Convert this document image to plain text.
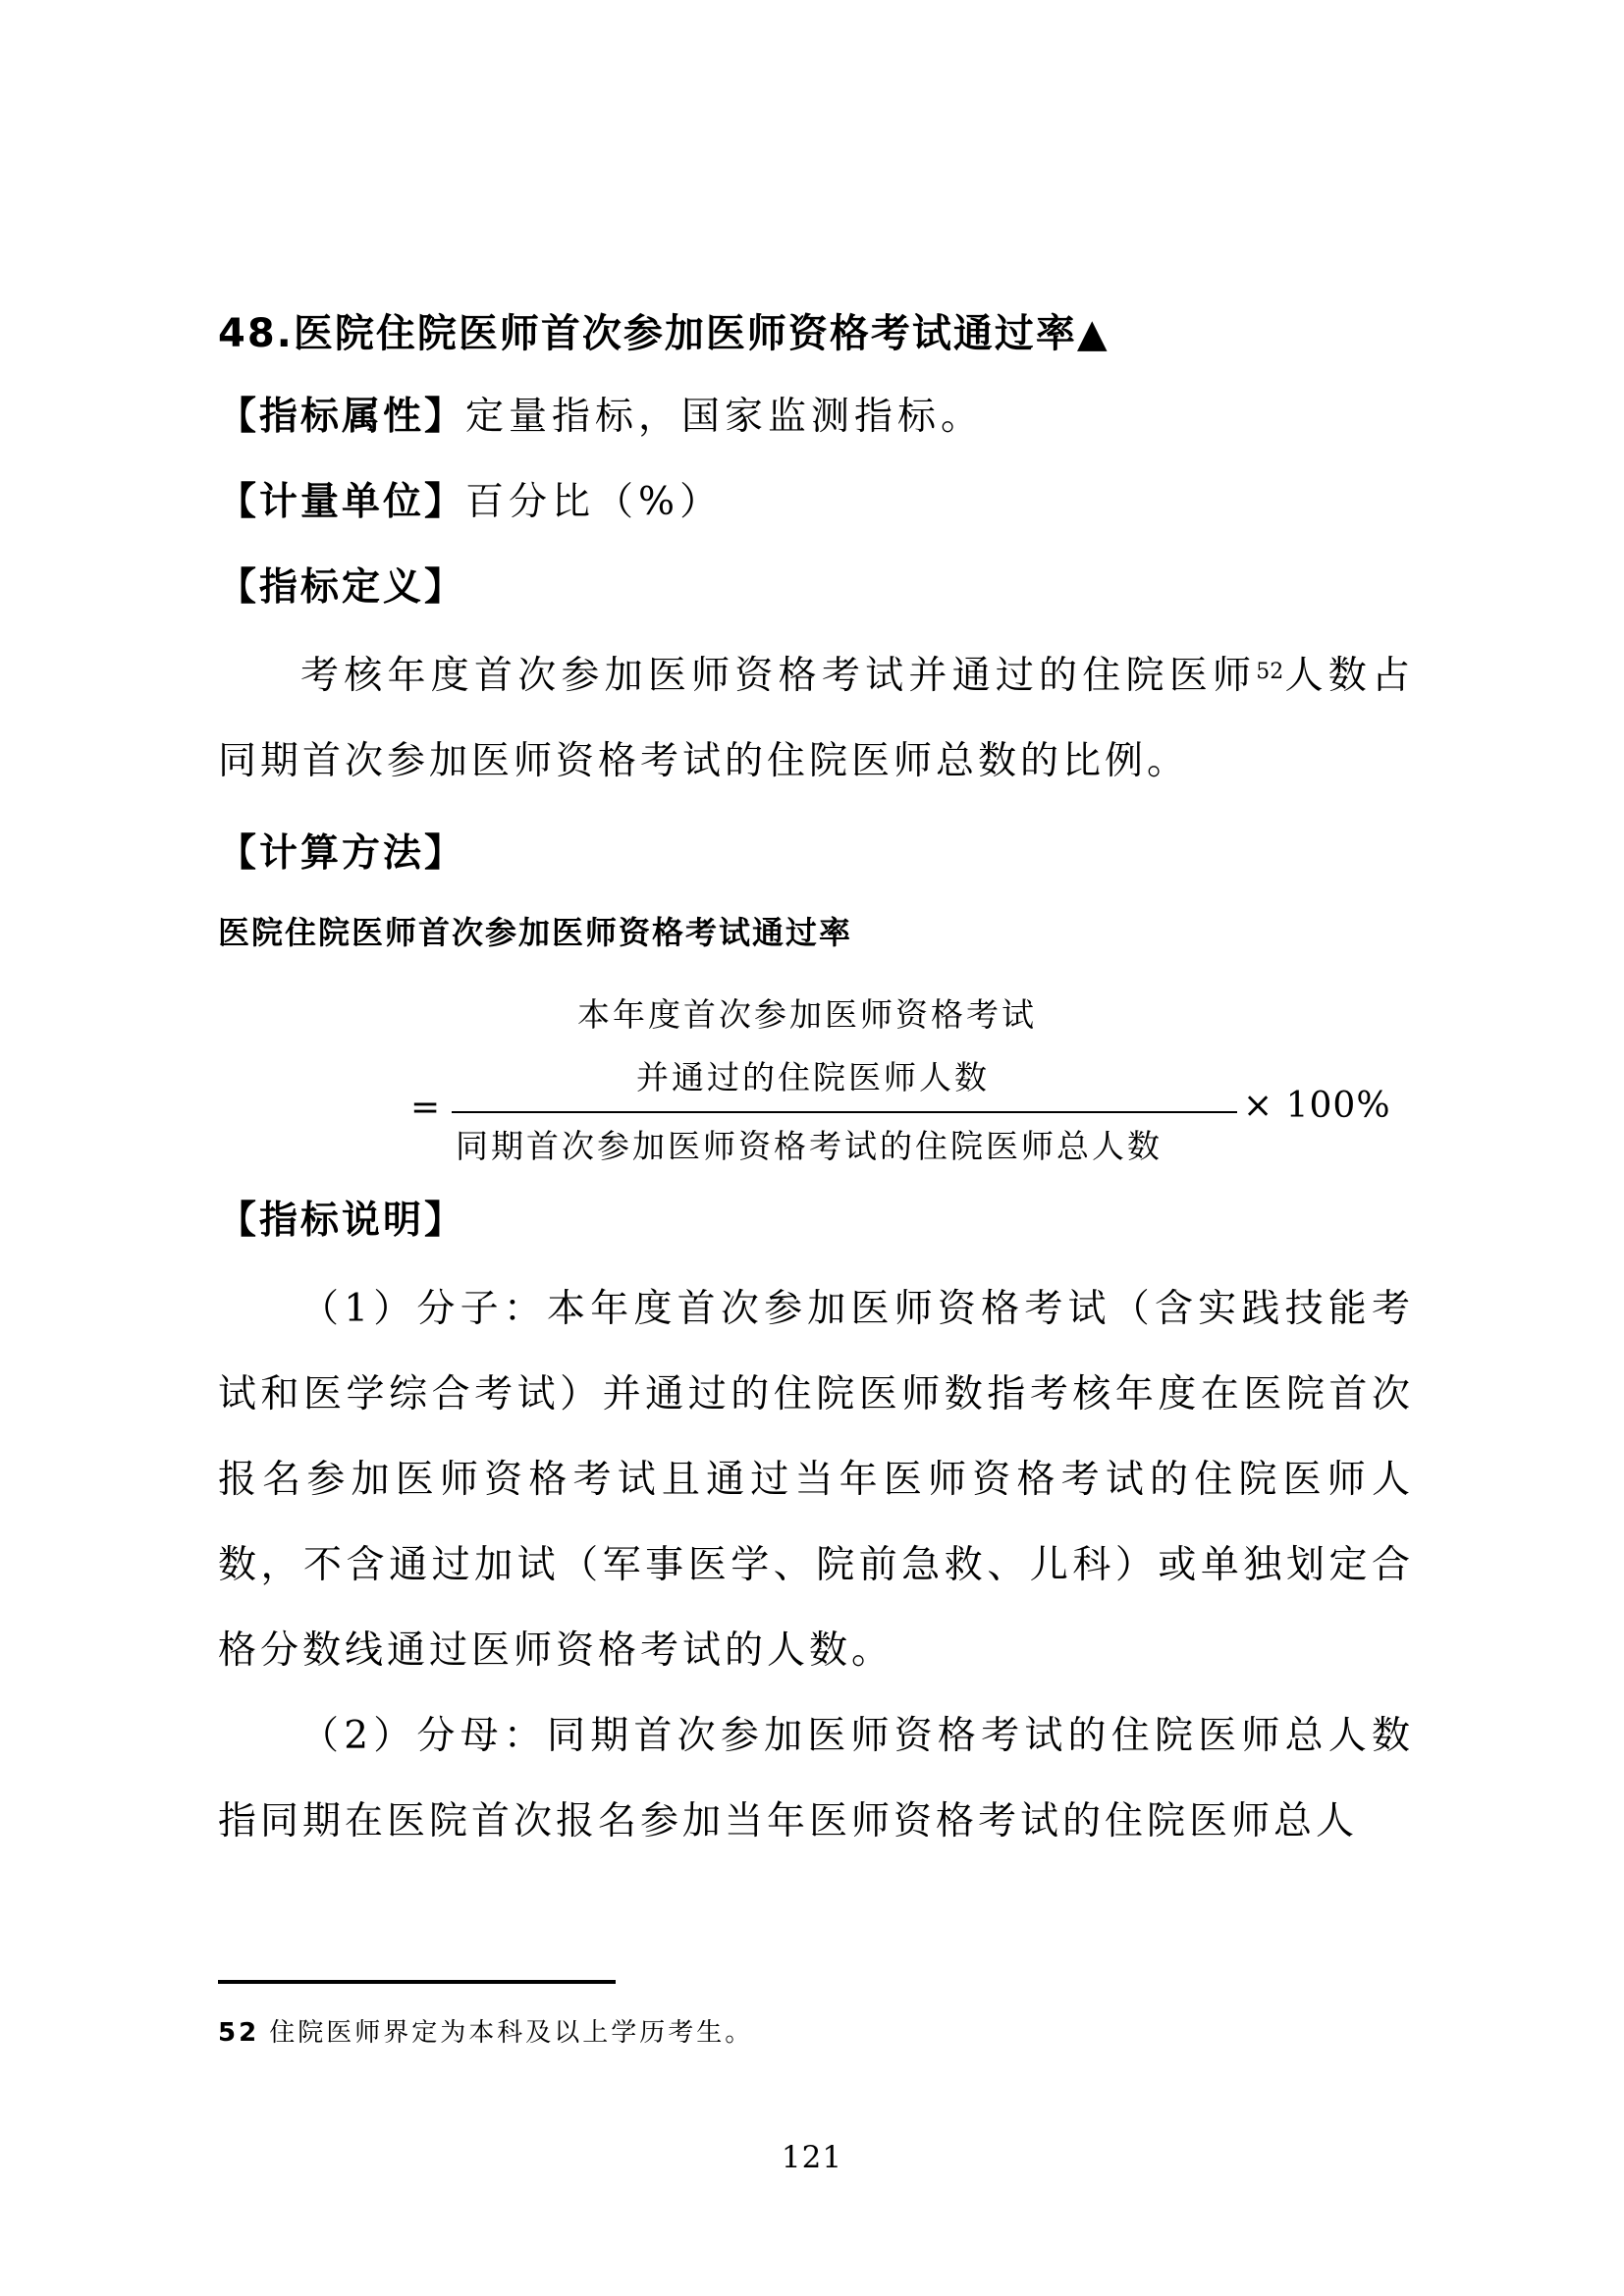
48.医院住院医师首次参加医师资格考试通过率▲
【指标属性】定量指标，国家监测指标。
【计量单位】百分比（%）
【指标定义】
考核年度首次参加医师资格考试并通过的住院医师$^{52}$人数占同期首次参加医师资格考试的住院医师总数的比例。
【计算方法】
医院住院医师首次参加医师资格考试通过率
=
本年度首次参加医师资格考试
并通过的住院医师人数
同期首次参加医师资格考试的住院医师总人数
× 100%
【指标说明】
（1）分子：本年度首次参加医师资格考试（含实践技能考试和医学综合考试）并通过的住院医师数指考核年度在医院首次报名参加医师资格考试且通过当年医师资格考试的住院医师人数，不含通过加试（军事医学、院前急救、儿科）或单独划定合格分数线通过医师资格考试的人数。
（2）分母：同期首次参加医师资格考试的住院医师总人数指同期在医院首次报名参加当年医师资格考试的住院医师总人
52 住院医师界定为本科及以上学历考生。
121
